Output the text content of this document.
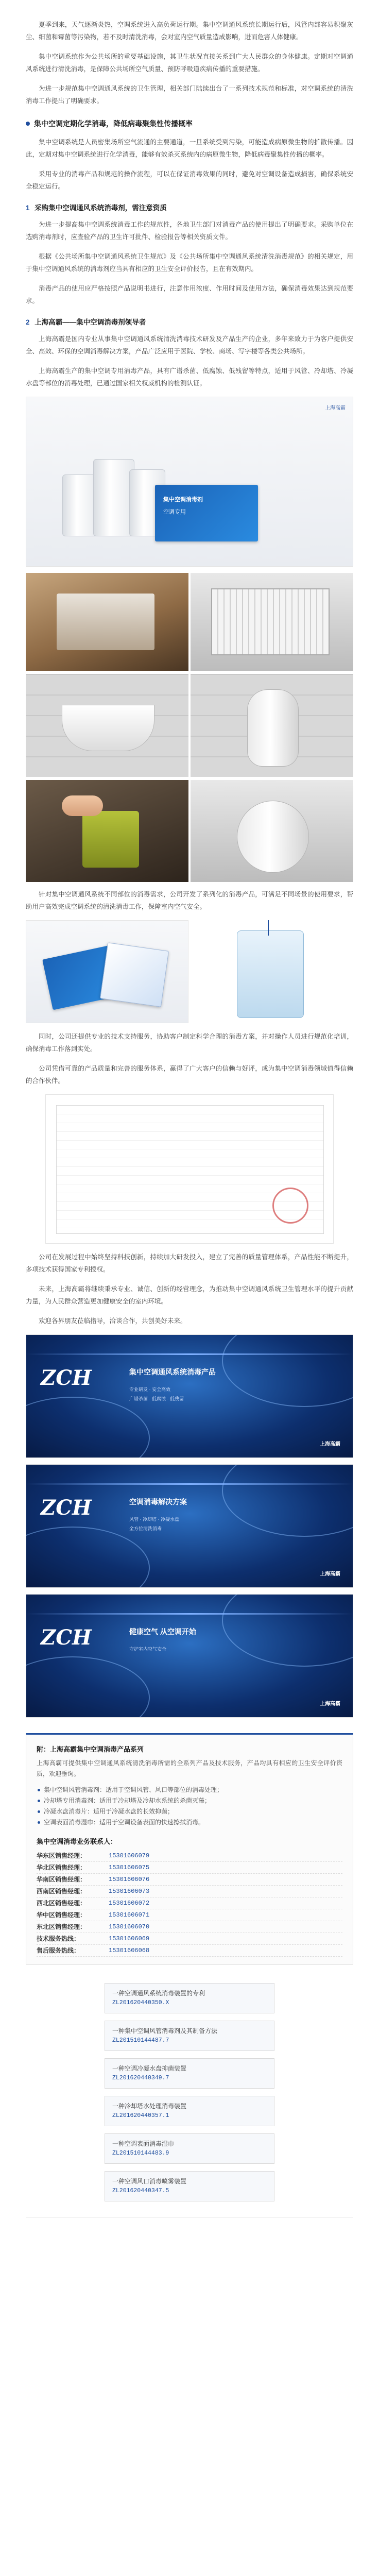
夏季到来，天气逐渐炎热，空调系统进入高负荷运行期。集中空调通风系统长期运行后，风管内部容易积聚灰尘、细菌和霉菌等污染物，若不及时清洗消毒，会对室内空气质量造成影响，进而危害人体健康。

集中空调系统作为公共场所的重要基础设施，其卫生状况直接关系到广大人民群众的身体健康。定期对空调通风系统进行清洗消毒，是保障公共场所空气质量、预防呼吸道疾病传播的重要措施。

为进一步规范集中空调通风系统的卫生管理，相关部门陆续出台了一系列技术规范和标准，对空调系统的清洗消毒工作提出了明确要求。

集中空调定期化学消毒，降低病毒聚集性传播概率

集中空调系统是人员密集场所空气流通的主要通道，一旦系统受到污染，可能造成病原微生物的扩散传播。因此，定期对集中空调系统进行化学消毒，能够有效杀灭系统内的病原微生物，降低病毒聚集性传播的概率。

采用专业的消毒产品和规范的操作流程，可以在保证消毒效果的同时，避免对空调设备造成损害，确保系统安全稳定运行。

1 采购集中空调通风系统消毒剂，需注意资质

为进一步提高集中空调系统消毒工作的规范性，各地卫生部门对消毒产品的使用提出了明确要求。采购单位在选购消毒剂时，应查验产品的卫生许可批件、检验报告等相关资质文件。

根据《公共场所集中空调通风系统卫生规范》及《公共场所集中空调通风系统清洗消毒规范》的相关规定，用于集中空调通风系统的消毒剂应当具有相应的卫生安全评价报告，且在有效期内。

消毒产品的使用应严格按照产品说明书进行，注意作用浓度、作用时间及使用方法，确保消毒效果达到规范要求。

2 上海高霸——集中空调消毒剂领导者

上海高霸是国内专业从事集中空调通风系统清洗消毒技术研发及产品生产的企业，多年来致力于为客户提供安全、高效、环保的空调消毒解决方案，产品广泛应用于医院、学校、商场、写字楼等各类公共场所。

上海高霸生产的集中空调专用消毒产品，具有广谱杀菌、低腐蚀、低残留等特点，适用于风管、冷却塔、冷凝水盘等部位的消毒处理，已通过国家相关权威机构的检测认证。

集中空调消毒剂
空调专用
上海高霸

针对集中空调通风系统不同部位的消毒需求，公司开发了系列化的消毒产品，可满足不同场景的使用要求，帮助用户高效完成空调系统的清洗消毒工作，保障室内空气安全。

同时，公司还提供专业的技术支持服务，协助客户制定科学合理的消毒方案，并对操作人员进行规范化培训，确保消毒工作落到实处。

公司凭借可靠的产品质量和完善的服务体系，赢得了广大客户的信赖与好评，成为集中空调消毒领域值得信赖的合作伙伴。

公司在发展过程中始终坚持科技创新，持续加大研发投入，建立了完善的质量管理体系，产品性能不断提升，多项技术获得国家专利授权。

未来，上海高霸将继续秉承专业、诚信、创新的经营理念，为推动集中空调通风系统卫生管理水平的提升贡献力量，为人民群众营造更加健康安全的室内环境。

欢迎各界朋友莅临指导，洽谈合作，共创美好未来。

ZCH	集中空调通风系统消毒产品
专业研发 · 安全高效
广谱杀菌 · 低腐蚀 · 低残留
上海高霸
ZCH	空调消毒解决方案
风管 · 冷却塔 · 冷凝水盘
全方位清洗消毒
上海高霸
ZCH	健康空气 从空调开始
守护室内空气安全
上海高霸
附：上海高霸集中空调消毒产品系列
上海高霸可提供集中空调通风系统清洗消毒所需的全系列产品及技术服务，产品均具有相应的卫生安全评价资质，欢迎垂询。
集中空调风管消毒剂：适用于空调风管、风口等部位的消毒处理；
冷却塔专用消毒剂：适用于冷却塔及冷却水系统的杀菌灭藻；
冷凝水盘消毒片：适用于冷凝水盘的长效抑菌；
空调表面消毒湿巾：适用于空调设备表面的快速擦拭消毒。
集中空调消毒业务联系人：
华东区销售经理：	15301606079
华北区销售经理：	15301606075
华南区销售经理：	15301606076
西南区销售经理：	15301606073
西北区销售经理：	15301606072
华中区销售经理：	15301606071
东北区销售经理：	15301606070
技术服务热线：	15301606069
售后服务热线：	15301606068
一种空调通风系统消毒装置的专利
ZL201620440350.X
一种集中空调风管消毒剂及其制备方法
ZL201510144487.7
一种空调冷凝水盘抑菌装置
ZL201620440349.7
一种冷却塔水处理消毒装置
ZL201620440357.1
一种空调表面消毒湿巾
ZL201510144483.9
一种空调风口消毒喷雾装置
ZL201620440347.5
